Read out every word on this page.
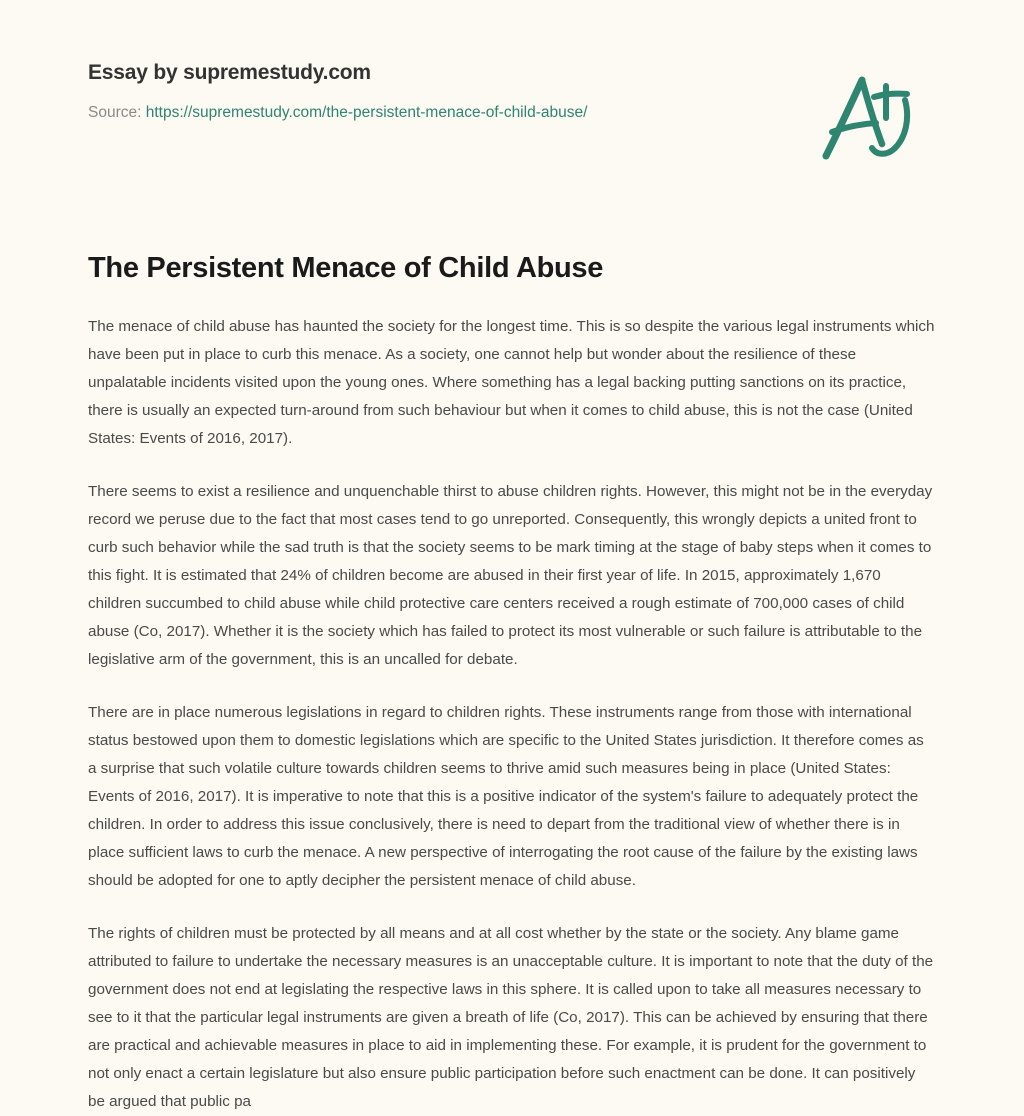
Essay by supremestudy.com
Source: https://supremestudy.com/the-persistent-menace-of-child-abuse/
The Persistent Menace of Child Abuse

The menace of child abuse has haunted the society for the longest time. This is so despite the various legal instruments which have been put in place to curb this menace. As a society, one cannot help but wonder about the resilience of these unpalatable incidents visited upon the young ones. Where something has a legal backing putting sanctions on its practice, there is usually an expected turn-around from such behaviour but when it comes to child abuse, this is not the case (United States: Events of 2016, 2017).

There seems to exist a resilience and unquenchable thirst to abuse children rights. However, this might not be in the everyday record we peruse due to the fact that most cases tend to go unreported. Consequently, this wrongly depicts a united front to curb such behavior while the sad truth is that the society seems to be mark timing at the stage of baby steps when it comes to this fight. It is estimated that 24% of children become are abused in their first year of life. In 2015, approximately 1,670 children succumbed to child abuse while child protective care centers received a rough estimate of 700,000 cases of child abuse (Co, 2017). Whether it is the society which has failed to protect its most vulnerable or such failure is attributable to the legislative arm of the government, this is an uncalled for debate.

There are in place numerous legislations in regard to children rights. These instruments range from those with international status bestowed upon them to domestic legislations which are specific to the United States jurisdiction. It therefore comes as a surprise that such volatile culture towards children seems to thrive amid such measures being in place (United States: Events of 2016, 2017). It is imperative to note that this is a positive indicator of the system's failure to adequately protect the children. In order to address this issue conclusively, there is need to depart from the traditional view of whether there is in place sufficient laws to curb the menace. A new perspective of interrogating the root cause of the failure by the existing laws should be adopted for one to aptly decipher the persistent menace of child abuse.

The rights of children must be protected by all means and at all cost whether by the state or the society. Any blame game attributed to failure to undertake the necessary measures is an unacceptable culture. It is important to note that the duty of the government does not end at legislating the respective laws in this sphere. It is called upon to take all measures necessary to see to it that the particular legal instruments are given a breath of life (Co, 2017). This can be achieved by ensuring that there are practical and achievable measures in place to aid in implementing these. For example, it is prudent for the government to not only enact a certain legislature but also ensure public participation before such enactment can be done. It can positively be argued that public pa
